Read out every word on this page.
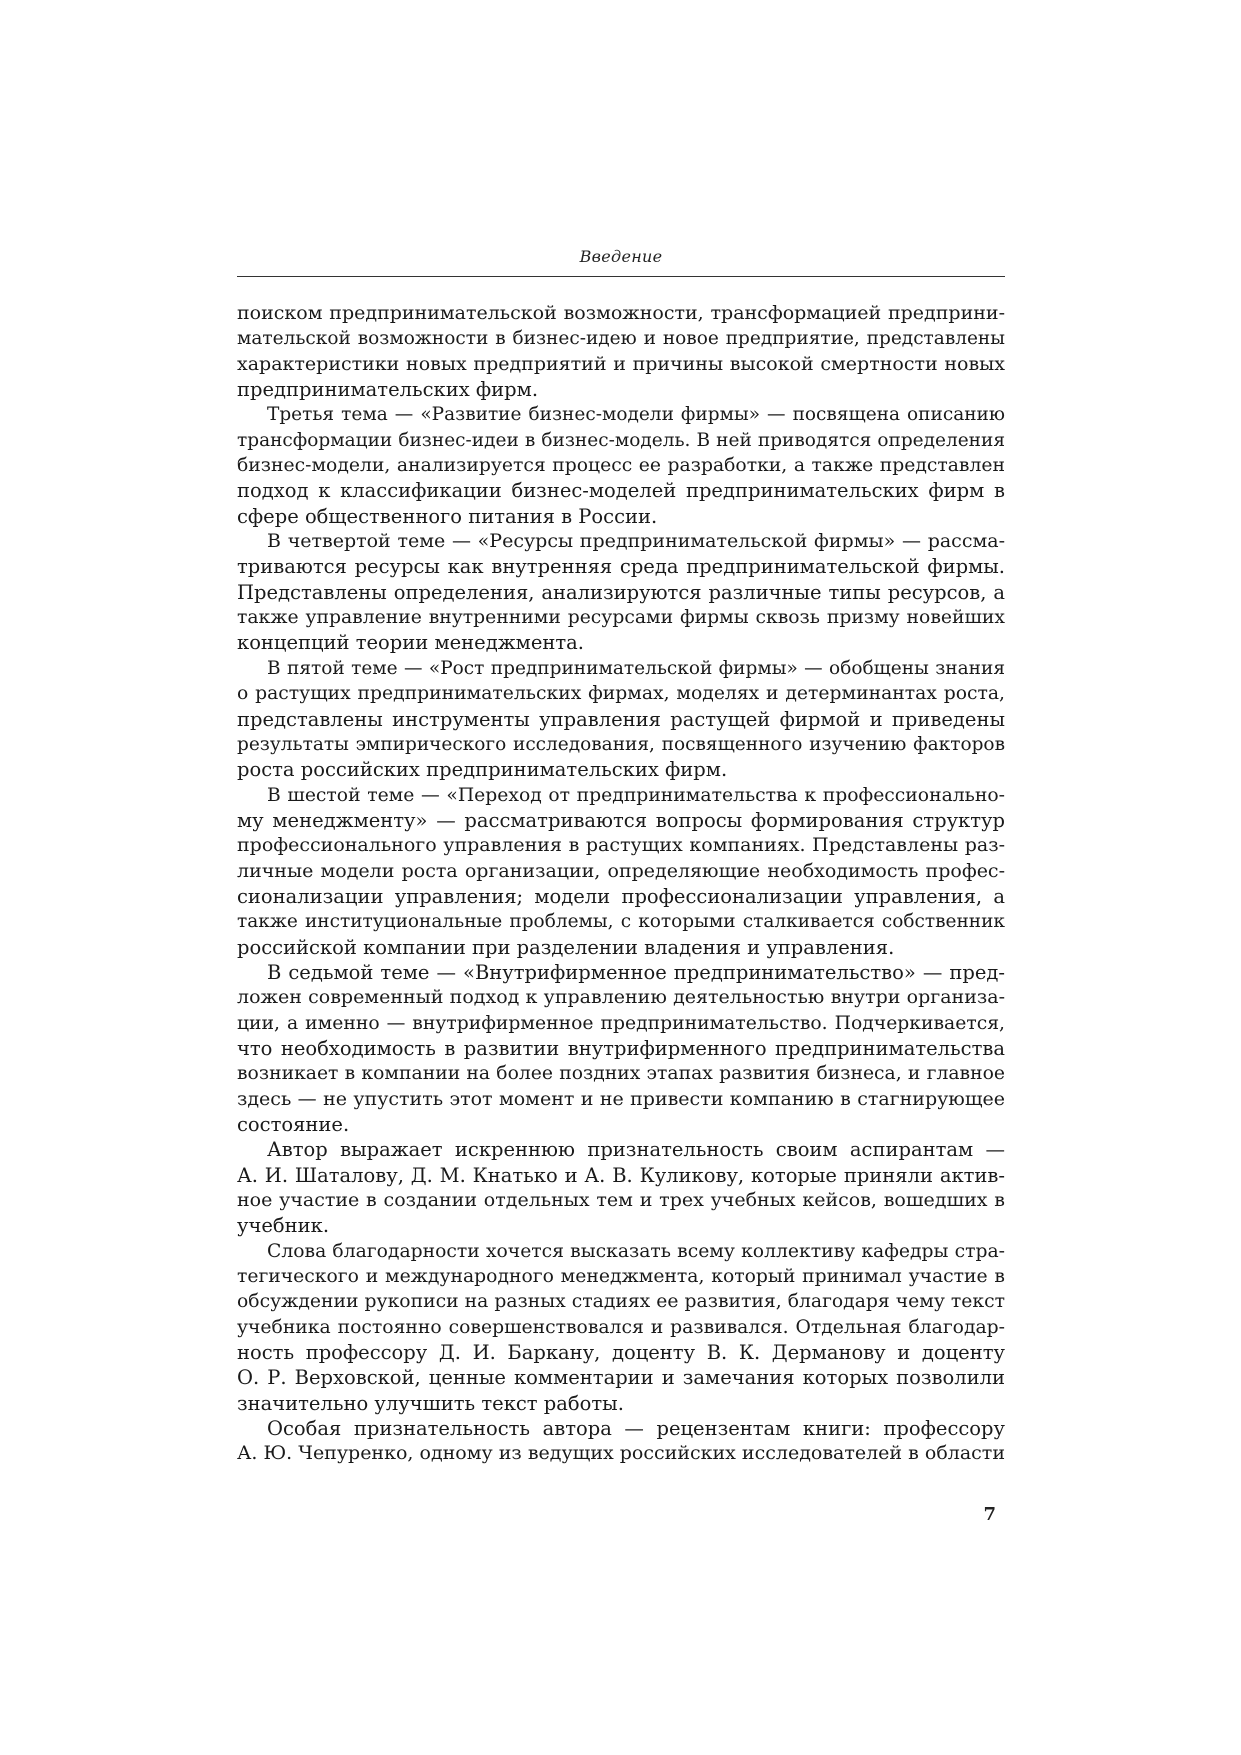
Введение
поиском предпринимательской возможности, трансформацией предприни-
мательской возможности в бизнес-идею и новое предприятие, представлены
характеристики новых предприятий и причины высокой смертности новых
предпринимательских фирм.
Третья тема — «Развитие бизнес-модели фирмы» — посвящена описанию
трансформации бизнес-идеи в бизнес-модель. В ней приводятся определения
бизнес-модели, анализируется процесс ее разработки, а также представлен
подход к классификации бизнес-моделей предпринимательских фирм в
сфере общественного питания в России.
В четвертой теме — «Ресурсы предпринимательской фирмы» — рассма-
триваются ресурсы как внутренняя среда предпринимательской фирмы.
Представлены определения, анализируются различные типы ресурсов, а
также управление внутренними ресурсами фирмы сквозь призму новейших
концепций теории менеджмента.
В пятой теме — «Рост предпринимательской фирмы» — обобщены знания
о растущих предпринимательских фирмах, моделях и детерминантах роста,
представлены инструменты управления растущей фирмой и приведены
результаты эмпирического исследования, посвященного изучению факторов
роста российских предпринимательских фирм.
В шестой теме — «Переход от предпринимательства к профессионально-
му менеджменту» — рассматриваются вопросы формирования структур
профессионального управления в растущих компаниях. Представлены раз-
личные модели роста организации, определяющие необходимость профес-
сионализации управления; модели профессионализации управления, а
также институциональные проблемы, с которыми сталкивается собственник
российской компании при разделении владения и управления.
В седьмой теме — «Внутрифирменное предпринимательство» — пред-
ложен современный подход к управлению деятельностью внутри организа-
ции, а именно — внутрифирменное предпринимательство. Подчеркивается,
что необходимость в развитии внутрифирменного предпринимательства
возникает в компании на более поздних этапах развития бизнеса, и главное
здесь — не упустить этот момент и не привести компанию в стагнирующее
состояние.
Автор выражает искреннюю признательность своим аспирантам —
А. И. Шаталову, Д. М. Кнатько и А. В. Куликову, которые приняли актив-
ное участие в создании отдельных тем и трех учебных кейсов, вошедших в
учебник.
Слова благодарности хочется высказать всему коллективу кафедры стра-
тегического и международного менеджмента, который принимал участие в
обсуждении рукописи на разных стадиях ее развития, благодаря чему текст
учебника постоянно совершенствовался и развивался. Отдельная благодар-
ность профессору Д. И. Баркану, доценту В. К. Дерманову и доценту
О. Р. Верховской, ценные комментарии и замечания которых позволили
значительно улучшить текст работы.
Особая признательность автора — рецензентам книги: профессору
А. Ю. Чепуренко, одному из ведущих российских исследователей в области
7
